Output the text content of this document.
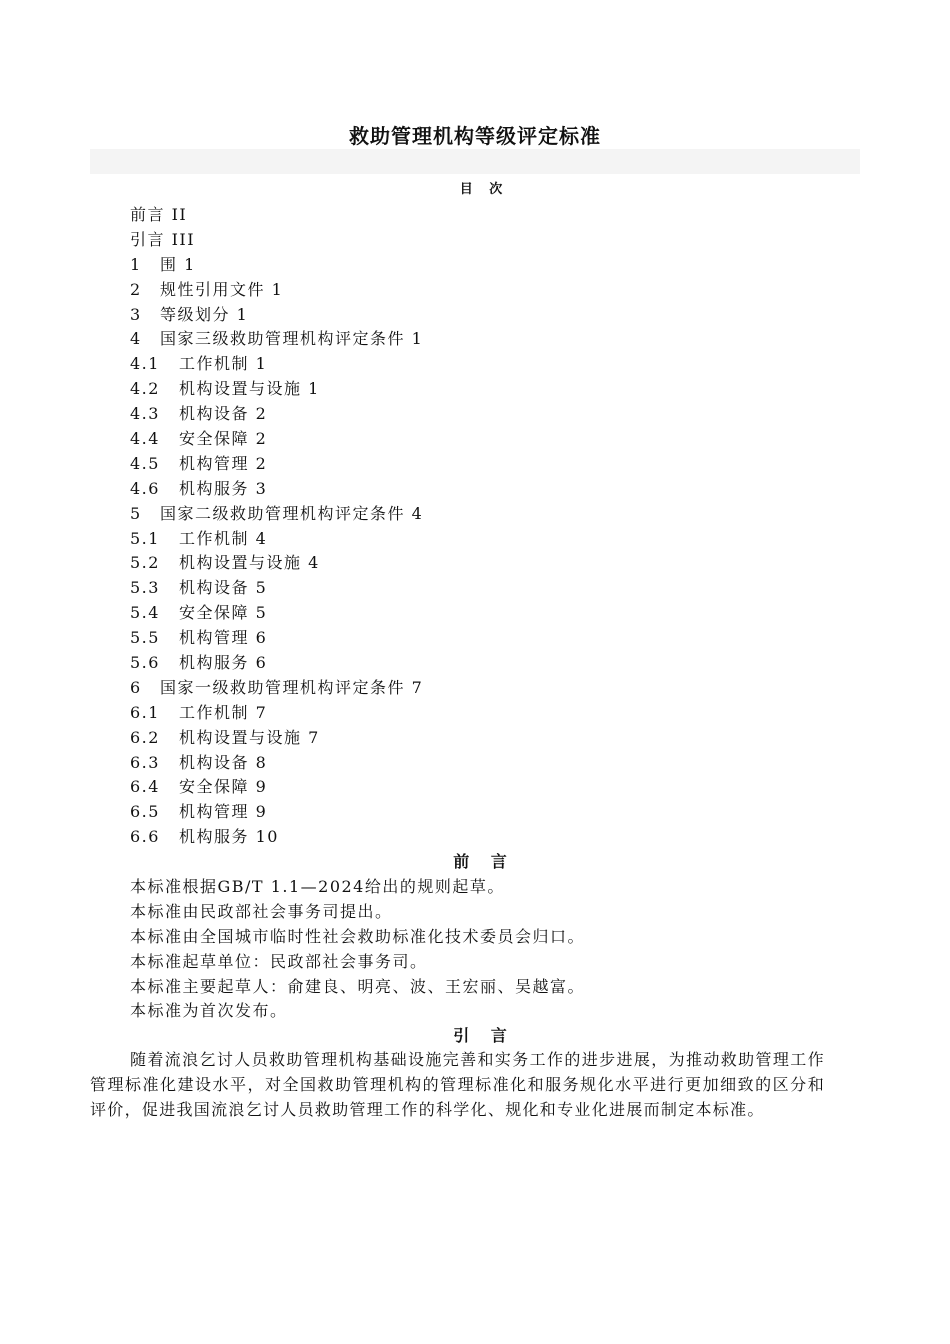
救助管理机构等级评定标准
目 次
前言 II
引言 III
1 围 1
2 规性引用文件 1
3 等级划分 1
4 国家三级救助管理机构评定条件 1
4.1 工作机制 1
4.2 机构设置与设施 1
4.3 机构设备 2
4.4 安全保障 2
4.5 机构管理 2
4.6 机构服务 3
5 国家二级救助管理机构评定条件 4
5.1 工作机制 4
5.2 机构设置与设施 4
5.3 机构设备 5
5.4 安全保障 5
5.5 机构管理 6
5.6 机构服务 6
6 国家一级救助管理机构评定条件 7
6.1 工作机制 7
6.2 机构设置与设施 7
6.3 机构设备 8
6.4 安全保障 9
6.5 机构管理 9
6.6 机构服务 10
前 言

本标准根据GB/T 1.1—2024给出的规则起草。

本标准由民政部社会事务司提出。

本标准由全国城市临时性社会救助标准化技术委员会归口。

本标准起草单位：民政部社会事务司。

本标准主要起草人：俞建良、明亮、波、王宏丽、吴越富。

本标准为首次发布。

引 言

随着流浪乞讨人员救助管理机构基础设施完善和实务工作的进步进展，为推动救助管理工作管理标准化建设水平，对全国救助管理机构的管理标准化和服务规化水平进行更加细致的区分和评价，促进我国流浪乞讨人员救助管理工作的科学化、规化和专业化进展而制定本标准。
